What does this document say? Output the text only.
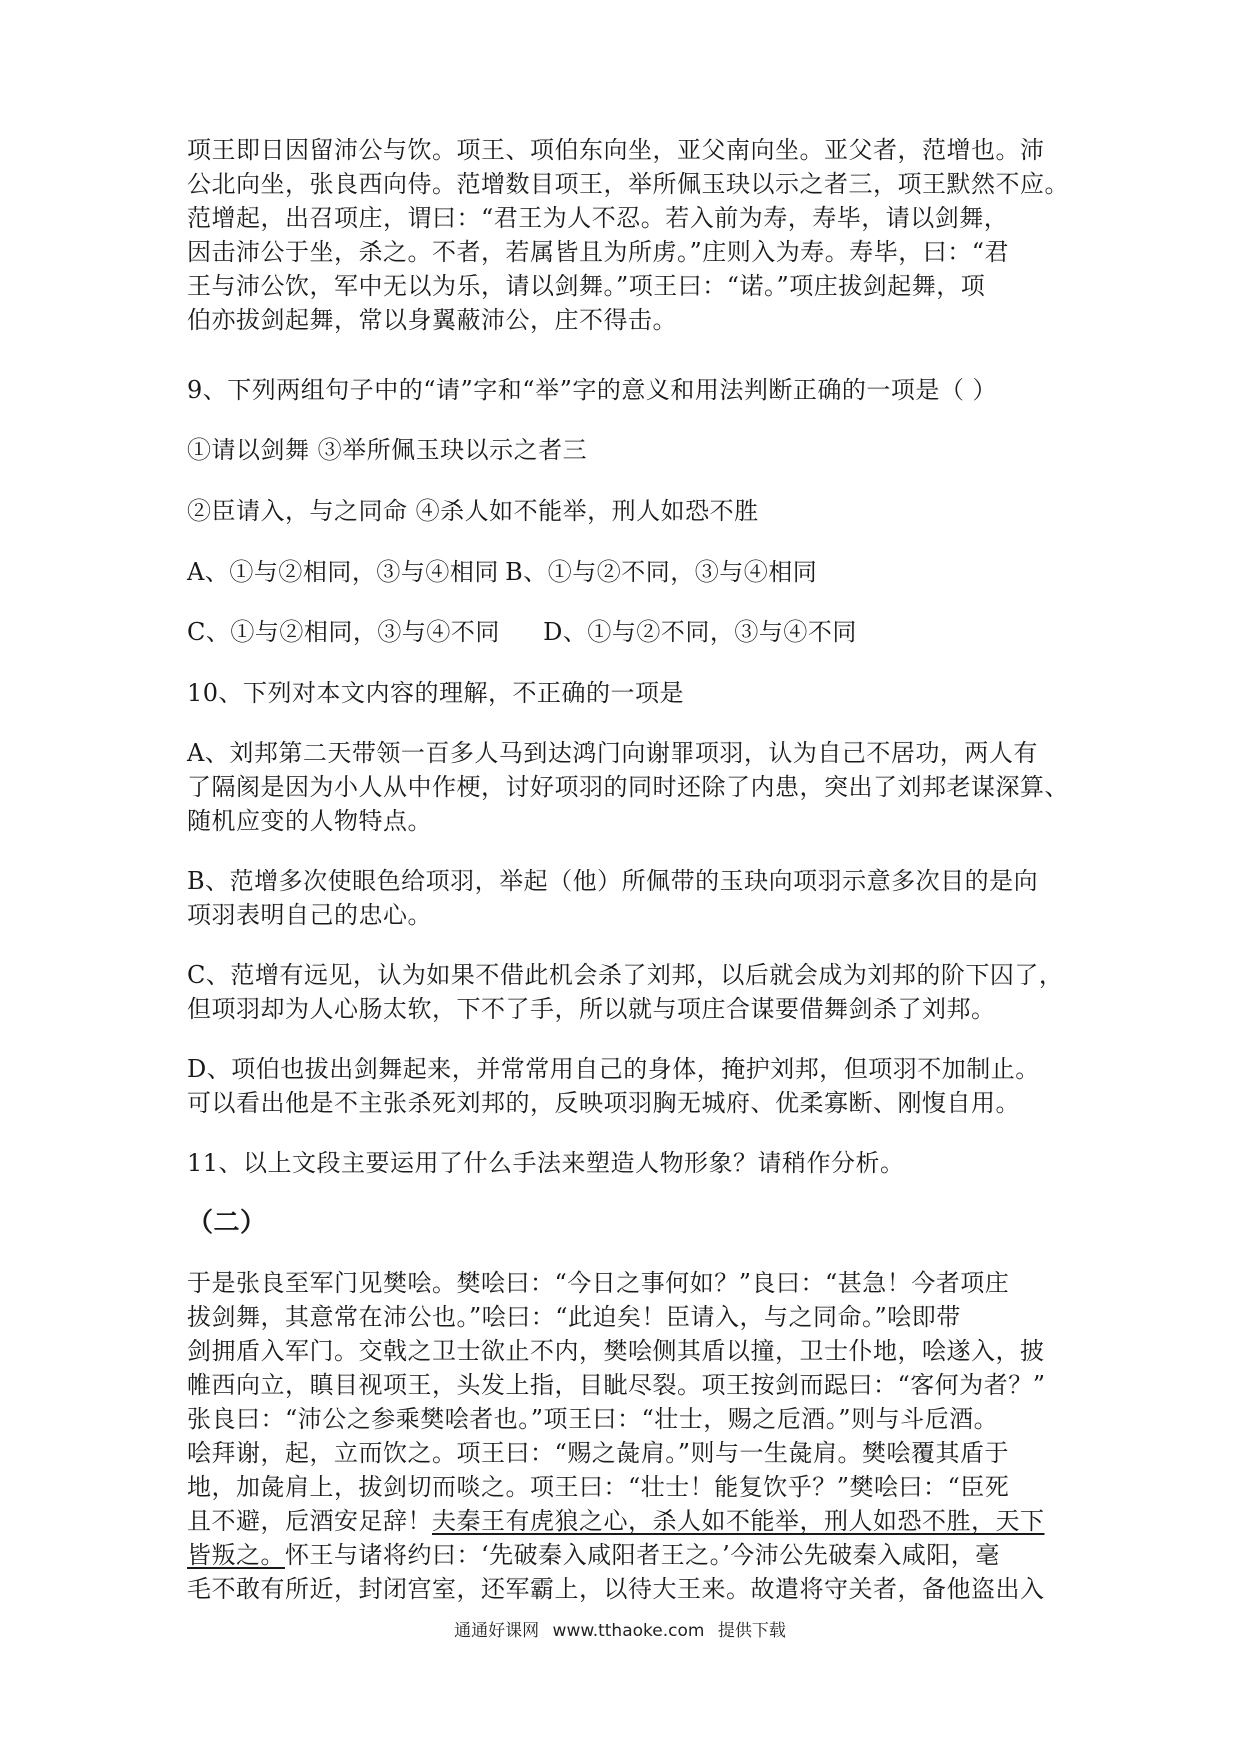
项王即日因留沛公与饮。项王、项伯东向坐，亚父南向坐。亚父者，范增也。沛

公北向坐，张良西向侍。范增数目项王，举所佩玉玦以示之者三，项王默然不应。

范增起，出召项庄，谓曰：“君王为人不忍。若入前为寿，寿毕，请以剑舞，

因击沛公于坐，杀之。不者，若属皆且为所虏。”庄则入为寿。寿毕，曰：“君

王与沛公饮，军中无以为乐，请以剑舞。”项王曰：“诺。”项庄拔剑起舞，项

伯亦拔剑起舞，常以身翼蔽沛公，庄不得击。

9、下列两组句子中的“请”字和“举”字的意义和用法判断正确的一项是（ ）
①请以剑舞 ③举所佩玉玦以示之者三
②臣请入，与之同命 ④杀人如不能举，刑人如恐不胜
A、①与②相同，③与④相同 B、①与②不同，③与④相同
C、①与②相同，③与④不同 D、①与②不同，③与④不同
10、下列对本文内容的理解，不正确的一项是

A、刘邦第二天带领一百多人马到达鸿门向谢罪项羽，认为自己不居功，两人有

了隔阂是因为小人从中作梗，讨好项羽的同时还除了内患，突出了刘邦老谋深算、

随机应变的人物特点。

B、范增多次使眼色给项羽，举起（他）所佩带的玉玦向项羽示意多次目的是向

项羽表明自己的忠心。

C、范增有远见，认为如果不借此机会杀了刘邦，以后就会成为刘邦的阶下囚了，

但项羽却为人心肠太软，下不了手，所以就与项庄合谋要借舞剑杀了刘邦。

D、项伯也拔出剑舞起来，并常常用自己的身体，掩护刘邦，但项羽不加制止。

可以看出他是不主张杀死刘邦的，反映项羽胸无城府、优柔寡断、刚愎自用。

11、以上文段主要运用了什么手法来塑造人物形象？请稍作分析。
（二）

于是张良至军门见樊哙。樊哙曰：“今日之事何如？”良曰：“甚急！今者项庄

拔剑舞，其意常在沛公也。”哙曰：“此迫矣！臣请入，与之同命。”哙即带

剑拥盾入军门。交戟之卫士欲止不内，樊哙侧其盾以撞，卫士仆地，哙遂入，披

帷西向立，瞋目视项王，头发上指，目眦尽裂。项王按剑而跽曰：“客何为者？”

张良曰：“沛公之参乘樊哙者也。”项王曰：“壮士，赐之卮酒。”则与斗卮酒。

哙拜谢，起，立而饮之。项王曰：“赐之彘肩。”则与一生彘肩。樊哙覆其盾于

地，加彘肩上，拔剑切而啖之。项王曰：“壮士！能复饮乎？”樊哙曰：“臣死

且不避，卮酒安足辞！夫秦王有虎狼之心，杀人如不能举，刑人如恐不胜，天下

皆叛之。怀王与诸将约曰：‘先破秦入咸阳者王之。’今沛公先破秦入咸阳，毫

毛不敢有所近，封闭宫室，还军霸上，以待大王来。故遣将守关者，备他盗出入

通通好课网 www.tthaoke.com 提供下载
